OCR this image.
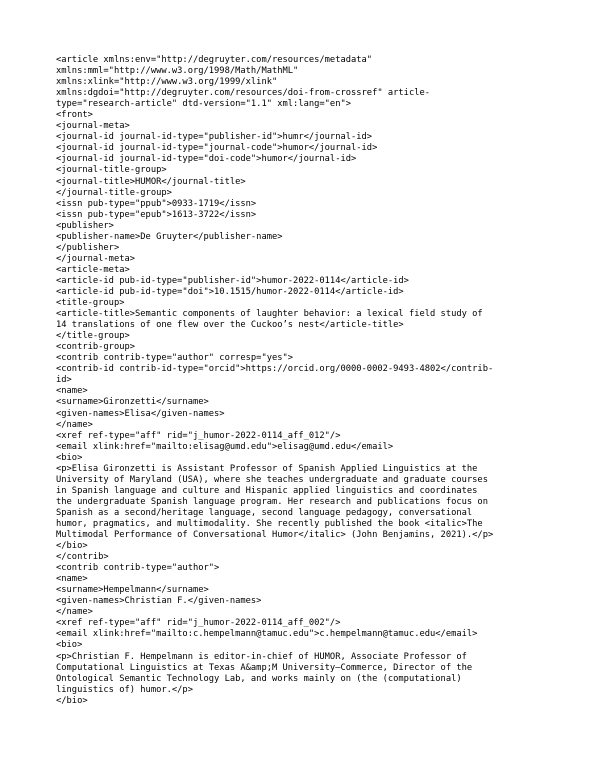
<article xmlns:env="http://degruyter.com/resources/metadata"
xmlns:mml="http://www.w3.org/1998/Math/MathML"
xmlns:xlink="http://www.w3.org/1999/xlink"
xmlns:dgdoi="http://degruyter.com/resources/doi-from-crossref" article-
type="research-article" dtd-version="1.1" xml:lang="en">
<front>
<journal-meta>
<journal-id journal-id-type="publisher-id">humr</journal-id>
<journal-id journal-id-type="journal-code">humor</journal-id>
<journal-id journal-id-type="doi-code">humor</journal-id>
<journal-title-group>
<journal-title>HUMOR</journal-title>
</journal-title-group>
<issn pub-type="ppub">0933-1719</issn>
<issn pub-type="epub">1613-3722</issn>
<publisher>
<publisher-name>De Gruyter</publisher-name>
</publisher>
</journal-meta>
<article-meta>
<article-id pub-id-type="publisher-id">humor-2022-0114</article-id>
<article-id pub-id-type="doi">10.1515/humor-2022-0114</article-id>
<title-group>
<article-title>Semantic components of laughter behavior: a lexical field study of
14 translations of one flew over the Cuckoo’s nest</article-title>
</title-group>
<contrib-group>
<contrib contrib-type="author" corresp="yes">
<contrib-id contrib-id-type="orcid">https://orcid.org/0000-0002-9493-4802</contrib-
id>
<name>
<surname>Gironzetti</surname>
<given-names>Elisa</given-names>
</name>
<xref ref-type="aff" rid="j_humor-2022-0114_aff_012"/>
<email xlink:href="mailto:elisag@umd.edu">elisag@umd.edu</email>
<bio>
<p>Elisa Gironzetti is Assistant Professor of Spanish Applied Linguistics at the
University of Maryland (USA), where she teaches undergraduate and graduate courses
in Spanish language and culture and Hispanic applied linguistics and coordinates
the undergraduate Spanish language program. Her research and publications focus on
Spanish as a second/heritage language, second language pedagogy, conversational
humor, pragmatics, and multimodality. She recently published the book <italic>The
Multimodal Performance of Conversational Humor</italic> (John Benjamins, 2021).</p>
</bio>
</contrib>
<contrib contrib-type="author">
<name>
<surname>Hempelmann</surname>
<given-names>Christian F.</given-names>
</name>
<xref ref-type="aff" rid="j_humor-2022-0114_aff_002"/>
<email xlink:href="mailto:c.hempelmann@tamuc.edu">c.hempelmann@tamuc.edu</email>
<bio>
<p>Christian F. Hempelmann is editor-in-chief of HUMOR, Associate Professor of
Computational Linguistics at Texas A&amp;M University–Commerce, Director of the
Ontological Semantic Technology Lab, and works mainly on (the (computational)
linguistics of) humor.</p>
</bio>
